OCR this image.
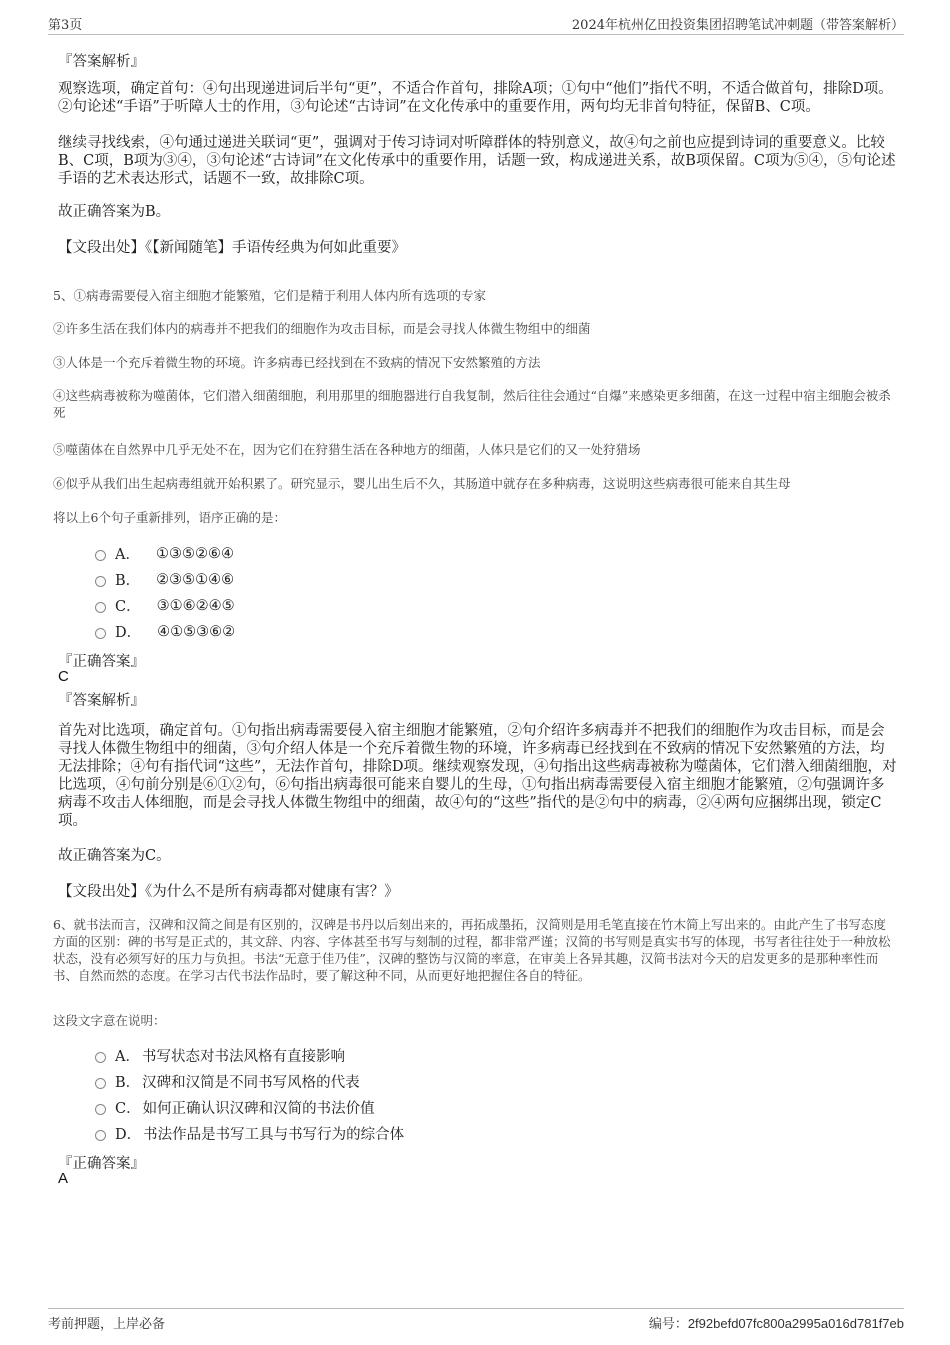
第3页	2024年杭州亿田投资集团招聘笔试冲刺题（带答案解析）
『答案解析』

观察选项，确定首句：④句出现递进词后半句“更”，不适合作首句，排除A项；①句中“他们”指代不明，不适合做首句，排除D项。②句论述“手语”于听障人士的作用，③句论述“古诗词”在文化传承中的重要作用，两句均无非首句特征，保留B、C项。

继续寻找线索，④句通过递进关联词“更”，强调对于传习诗词对听障群体的特别意义，故④句之前也应提到诗词的重要意义。比较B、C项，B项为③④，③句论述“古诗词”在文化传承中的重要作用，话题一致，构成递进关系，故B项保留。C项为⑤④，⑤句论述手语的艺术表达形式，话题不一致，故排除C项。

故正确答案为B。

【文段出处】《【新闻随笔】手语传经典为何如此重要》

5、①病毒需要侵入宿主细胞才能繁殖，它们是精于利用人体内所有选项的专家

②许多生活在我们体内的病毒并不把我们的细胞作为攻击目标，而是会寻找人体微生物组中的细菌

③人体是一个充斥着微生物的环境。许多病毒已经找到在不致病的情况下安然繁殖的方法

④这些病毒被称为噬菌体，它们潜入细菌细胞，利用那里的细胞器进行自我复制，然后往往会通过“自爆”来感染更多细菌，在这一过程中宿主细胞会被杀死

⑤噬菌体在自然界中几乎无处不在，因为它们在狩猎生活在各种地方的细菌，人体只是它们的又一处狩猎场

⑥似乎从我们出生起病毒组就开始积累了。研究显示，婴儿出生后不久，其肠道中就存在多种病毒，这说明这些病毒很可能来自其生母

将以上6个句子重新排列，语序正确的是：

A． ①③⑤②⑥④
B． ②③⑤①④⑥
C． ③①⑥②④⑤
D． ④①⑤③⑥②
『正确答案』
C
『答案解析』

首先对比选项，确定首句。①句指出病毒需要侵入宿主细胞才能繁殖，②句介绍许多病毒并不把我们的细胞作为攻击目标，而是会寻找人体微生物组中的细菌，③句介绍人体是一个充斥着微生物的环境，许多病毒已经找到在不致病的情况下安然繁殖的方法，均无法排除；④句有指代词“这些”，无法作首句，排除D项。继续观察发现，④句指出这些病毒被称为噬菌体，它们潜入细菌细胞，对比选项，④句前分别是⑥①②句，⑥句指出病毒很可能来自婴儿的生母，①句指出病毒需要侵入宿主细胞才能繁殖，②句强调许多病毒不攻击人体细胞，而是会寻找人体微生物组中的细菌，故④句的“这些”指代的是②句中的病毒，②④两句应捆绑出现，锁定C项。

故正确答案为C。

【文段出处】《为什么不是所有病毒都对健康有害？》

6、就书法而言，汉碑和汉简之间是有区别的，汉碑是书丹以后刻出来的，再拓成墨拓，汉简则是用毛笔直接在竹木简上写出来的。由此产生了书写态度方面的区别：碑的书写是正式的，其文辞、内容、字体甚至书写与刻制的过程，都非常严谨；汉简的书写则是真实书写的体现，书写者往往处于一种放松状态，没有必须写好的压力与负担。书法“无意于佳乃佳”，汉碑的整饬与汉简的率意，在审美上各异其趣，汉简书法对今天的启发更多的是那种率性而书、自然而然的态度。在学习古代书法作品时，要了解这种不同，从而更好地把握住各自的特征。

这段文字意在说明：

A． 书写状态对书法风格有直接影响
B． 汉碑和汉简是不同书写风格的代表
C． 如何正确认识汉碑和汉简的书法价值
D． 书法作品是书写工具与书写行为的综合体
『正确答案』
A
考前押题，上岸必备	编号：2f92befd07fc800a2995a016d781f7eb
